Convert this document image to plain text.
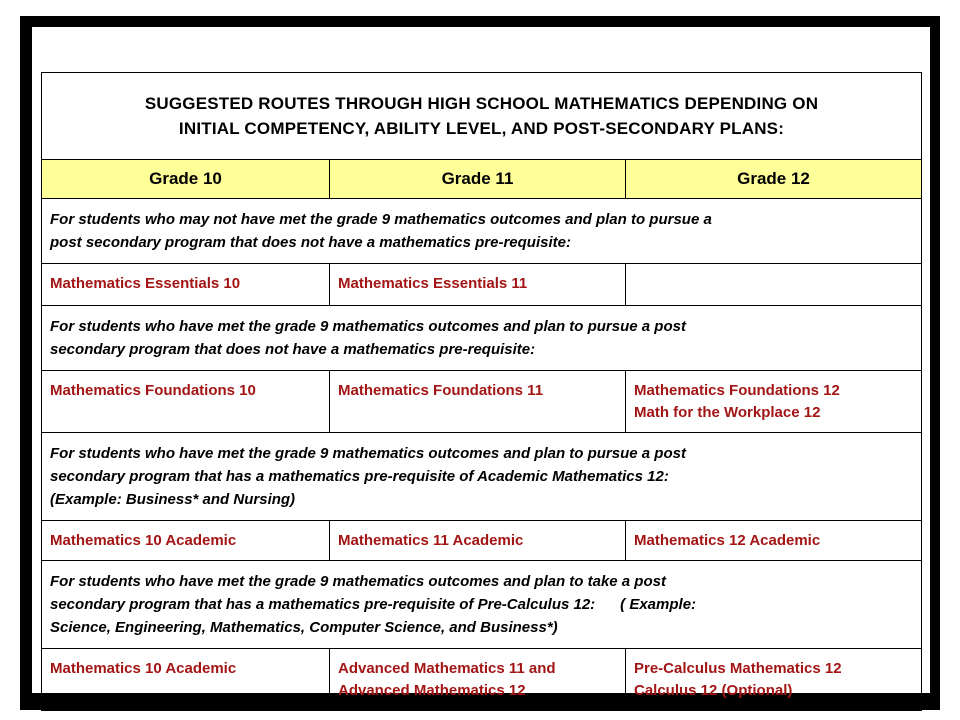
SUGGESTED ROUTES THROUGH HIGH SCHOOL MATHEMATICS DEPENDING ON
INITIAL COMPETENCY, ABILITY LEVEL, AND POST-SECONDARY PLANS:		

Grade 10	Grade 11	Grade 12

For students who may not have met the grade 9 mathematics outcomes and plan to pursue a
post secondary program that does not have a mathematics pre-requisite:		

Mathematics Essentials 10	Mathematics Essentials 11	

For students who have met the grade 9 mathematics outcomes and plan to pursue a post
secondary program that does not have a mathematics pre-requisite:		

Mathematics Foundations 10	Mathematics Foundations 11	Mathematics Foundations 12
Math for the Workplace 12

For students who have met the grade 9 mathematics outcomes and plan to pursue a post
secondary program that has a mathematics pre-requisite of Academic Mathematics 12:
(Example: Business* and Nursing)		

Mathematics 10 Academic	Mathematics 11 Academic	Mathematics 12 Academic

For students who have met the grade 9 mathematics outcomes and plan to take a post
secondary program that has a mathematics pre-requisite of Pre-Calculus 12:      ( Example:
Science, Engineering, Mathematics, Computer Science, and Business*)		

Mathematics 10 Academic	Advanced Mathematics 11 and
Advanced Mathematics 12	Pre-Calculus Mathematics 12
Calculus 12 (Optional)
